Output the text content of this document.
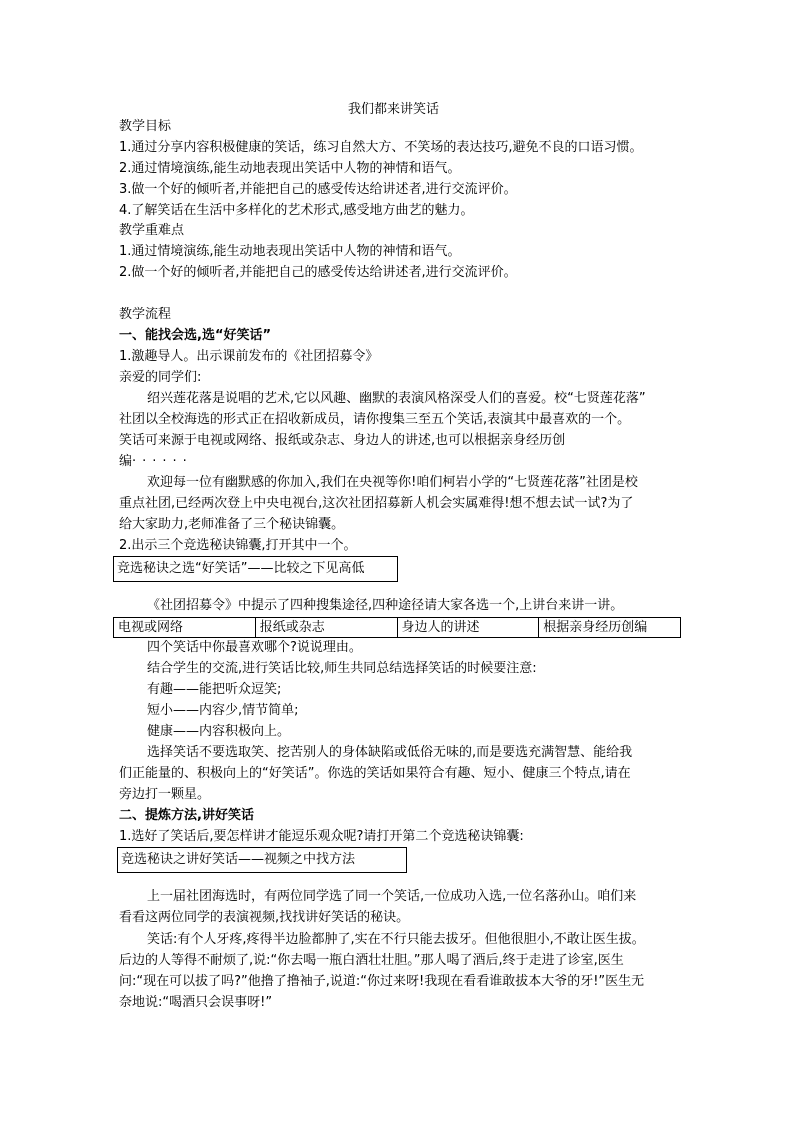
我们都来讲笑话
教学目标
1.通过分享内容积极健康的笑话，练习自然大方、不笑场的表达技巧,避免不良的口语习惯。
2.通过情境演练,能生动地表现出笑话中人物的神情和语气。
3.做一个好的倾听者,并能把自己的感受传达给讲述者,进行交流评价。
4.了解笑话在生活中多样化的艺术形式,感受地方曲艺的魅力。
教学重难点
1.通过情境演练,能生动地表现出笑话中人物的神情和语气。
2.做一个好的倾听者,并能把自己的感受传达给讲述者,进行交流评价。
教学流程
一、能找会选,选“好笑话”
1.激趣导人。出示课前发布的《社团招募令》
亲爱的同学们:
绍兴莲花落是说唱的艺术,它以风趣、幽默的表演风格深受人们的喜爱。校“七贤莲花落”
社团以全校海选的形式正在招收新成员，请你搜集三至五个笑话,表演其中最喜欢的一个。
笑话可来源于电视或网络、报纸或杂志、身边人的讲述,也可以根据亲身经历创
编······
欢迎每一位有幽默感的你加入,我们在央视等你!咱们柯岩小学的“七贤莲花落”社团是校
重点社团,已经两次登上中央电视台,这次社团招募新人机会实属难得!想不想去试一试?为了
给大家助力,老师准备了三个秘诀锦囊。
2.出示三个竞选秘诀锦囊,打开其中一个。
竞选秘诀之选“好笑话”——比较之下见高低
《社团招募令》中提示了四种搜集途径,四种途径请大家各选一个,上讲台来讲一讲。
电视或网络	报纸或杂志	身边人的讲述	根据亲身经历创编
四个笑话中你最喜欢哪个?说说理由。
结合学生的交流,进行笑话比较,师生共同总结选择笑话的时候要注意:
有趣——能把听众逗笑;
短小——内容少,情节简单;
健康——内容积极向上。
选择笑话不要选取笑、挖苦别人的身体缺陷或低俗无味的,而是要选充满智慧、能给我
们正能量的、积极向上的“好笑话”。你选的笑话如果符合有趣、短小、健康三个特点,请在
旁边打一颗星。
二、提炼方法,讲好笑话
1.选好了笑话后,要怎样讲才能逗乐观众呢?请打开第二个竞选秘诀锦囊:
竞选秘诀之讲好笑话——视频之中找方法
上一届社团海选时，有两位同学选了同一个笑话,一位成功入选,一位名落孙山。咱们来
看看这两位同学的表演视频,找找讲好笑话的秘诀。
笑话:有个人牙疼,疼得半边脸都肿了,实在不行只能去拔牙。但他很胆小,不敢让医生拔。
后边的人等得不耐烦了,说:“你去喝一瓶白酒壮壮胆。”那人喝了酒后,终于走进了诊室,医生
问:“现在可以拔了吗?”他撸了撸袖子,说道:“你过来呀!我现在看看谁敢拔本大爷的牙!”医生无
奈地说:“喝酒只会误事呀!”
